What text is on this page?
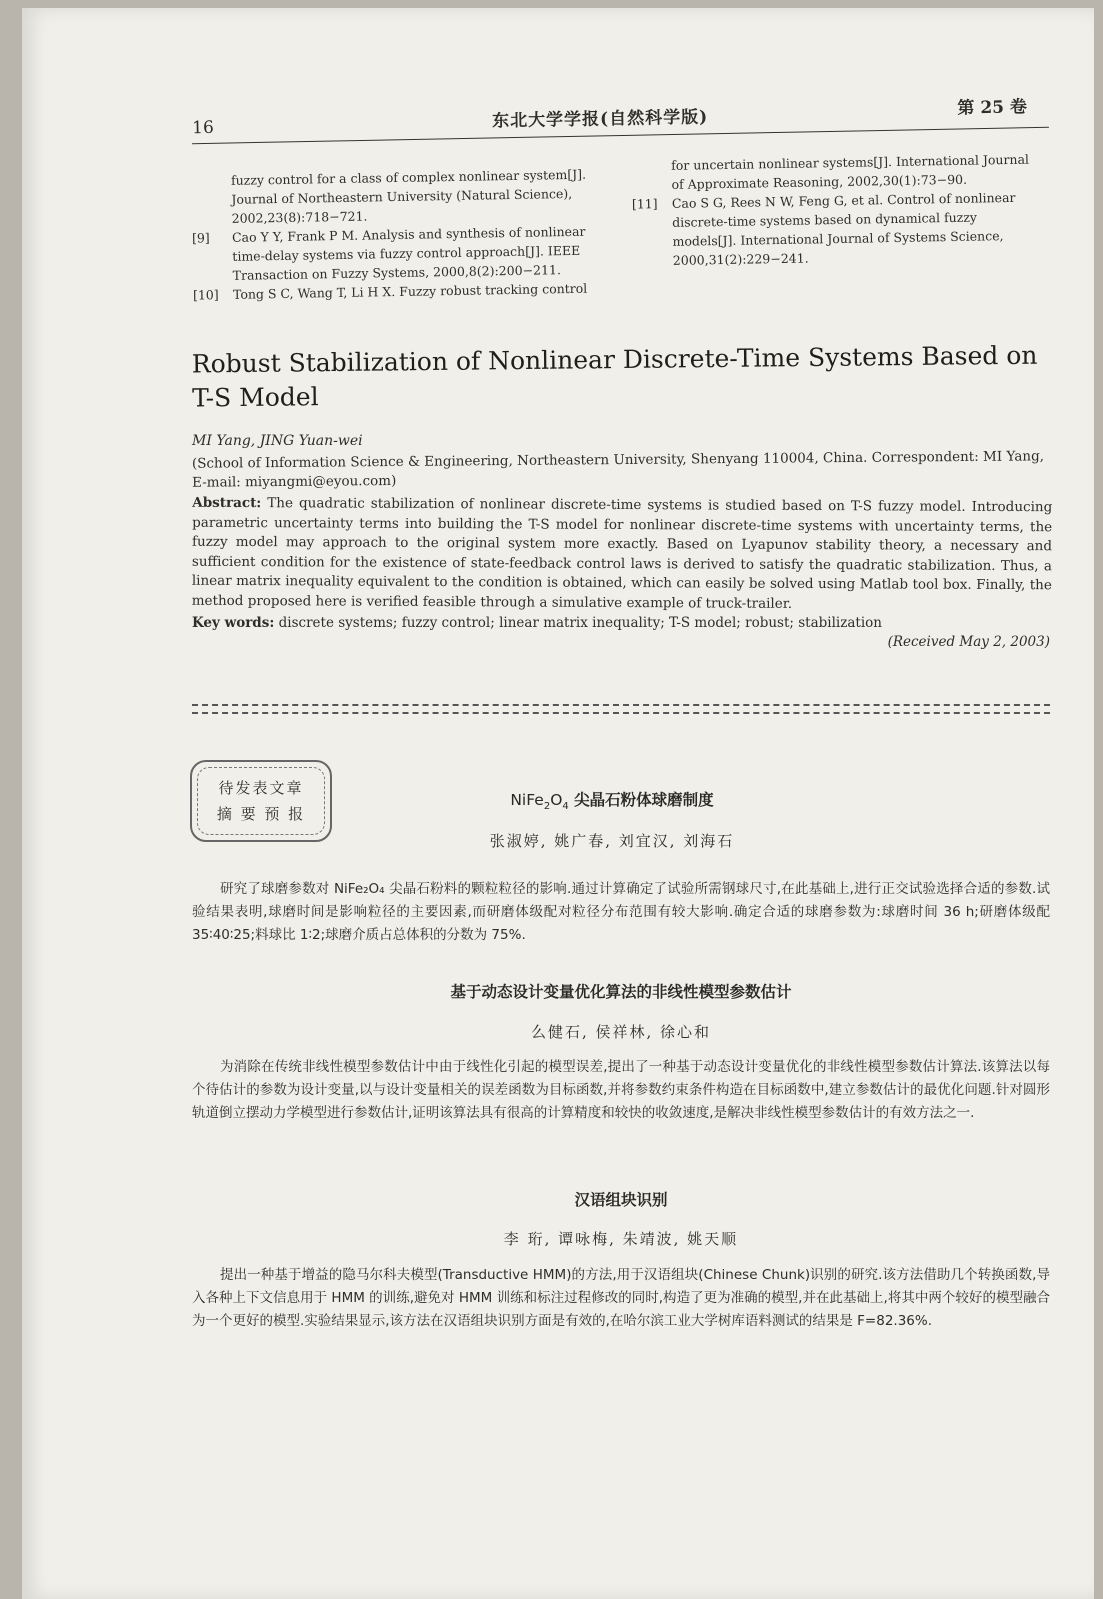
16	东北大学学报(自然科学版)	第 25 卷
fuzzy control for a class of complex nonlinear system[J]. Journal of Northeastern University (Natural Science), 2002,23(8):718−721.
[9]	Cao Y Y, Frank P M. Analysis and synthesis of nonlinear time-delay systems via fuzzy control approach[J]. IEEE Transaction on Fuzzy Systems, 2000,8(2):200−211.
[10]	Tong S C, Wang T, Li H X. Fuzzy robust tracking control
for uncertain nonlinear systems[J]. International Journal of Approximate Reasoning, 2002,30(1):73−90.
[11]	Cao S G, Rees N W, Feng G, et al. Control of nonlinear discrete-time systems based on dynamical fuzzy models[J]. International Journal of Systems Science, 2000,31(2):229−241.
Robust Stabilization of Nonlinear Discrete-Time Systems Based on T-S Model
MI Yang, JING Yuan-wei
(School of Information Science & Engineering, Northeastern University, Shenyang 110004, China. Correspondent: MI Yang, E-mail: miyangmi@eyou.com)
Abstract: The quadratic stabilization of nonlinear discrete-time systems is studied based on T-S fuzzy model. Introducing parametric uncertainty terms into building the T-S model for nonlinear discrete-time systems with uncertainty terms, the fuzzy model may approach to the original system more exactly. Based on Lyapunov stability theory, a necessary and sufficient condition for the existence of state-feedback control laws is derived to satisfy the quadratic stabilization. Thus, a linear matrix inequality equivalent to the condition is obtained, which can easily be solved using Matlab tool box. Finally, the method proposed here is verified feasible through a simulative example of truck-trailer.
Key words: discrete systems; fuzzy control; linear matrix inequality; T-S model; robust; stabilization
(Received May 2, 2003)
待发表文章
摘 要 预 报
$NiFe_2O_4$ 尖晶石粉体球磨制度
张淑婷, 姚广春, 刘宜汉, 刘海石
研究了球磨参数对 NiFe₂O₄ 尖晶石粉料的颗粒粒径的影响.通过计算确定了试验所需钢球尺寸,在此基础上,进行正交试验选择合适的参数.试验结果表明,球磨时间是影响粒径的主要因素,而研磨体级配对粒径分布范围有较大影响.确定合适的球磨参数为:球磨时间 36 h;研磨体级配 35∶40∶25;料球比 1∶2;球磨介质占总体积的分数为 75%.
基于动态设计变量优化算法的非线性模型参数估计
么健石, 侯祥林, 徐心和
为消除在传统非线性模型参数估计中由于线性化引起的模型误差,提出了一种基于动态设计变量优化的非线性模型参数估计算法.该算法以每个待估计的参数为设计变量,以与设计变量相关的误差函数为目标函数,并将参数约束条件构造在目标函数中,建立参数估计的最优化问题.针对圆形轨道倒立摆动力学模型进行参数估计,证明该算法具有很高的计算精度和较快的收敛速度,是解决非线性模型参数估计的有效方法之一.
汉语组块识别
李 珩, 谭咏梅, 朱靖波, 姚天顺
提出一种基于增益的隐马尔科夫模型(Transductive HMM)的方法,用于汉语组块(Chinese Chunk)识别的研究.该方法借助几个转换函数,导入各种上下文信息用于 HMM 的训练,避免对 HMM 训练和标注过程修改的同时,构造了更为准确的模型,并在此基础上,将其中两个较好的模型融合为一个更好的模型.实验结果显示,该方法在汉语组块识别方面是有效的,在哈尔滨工业大学树库语料测试的结果是 F=82.36%.
